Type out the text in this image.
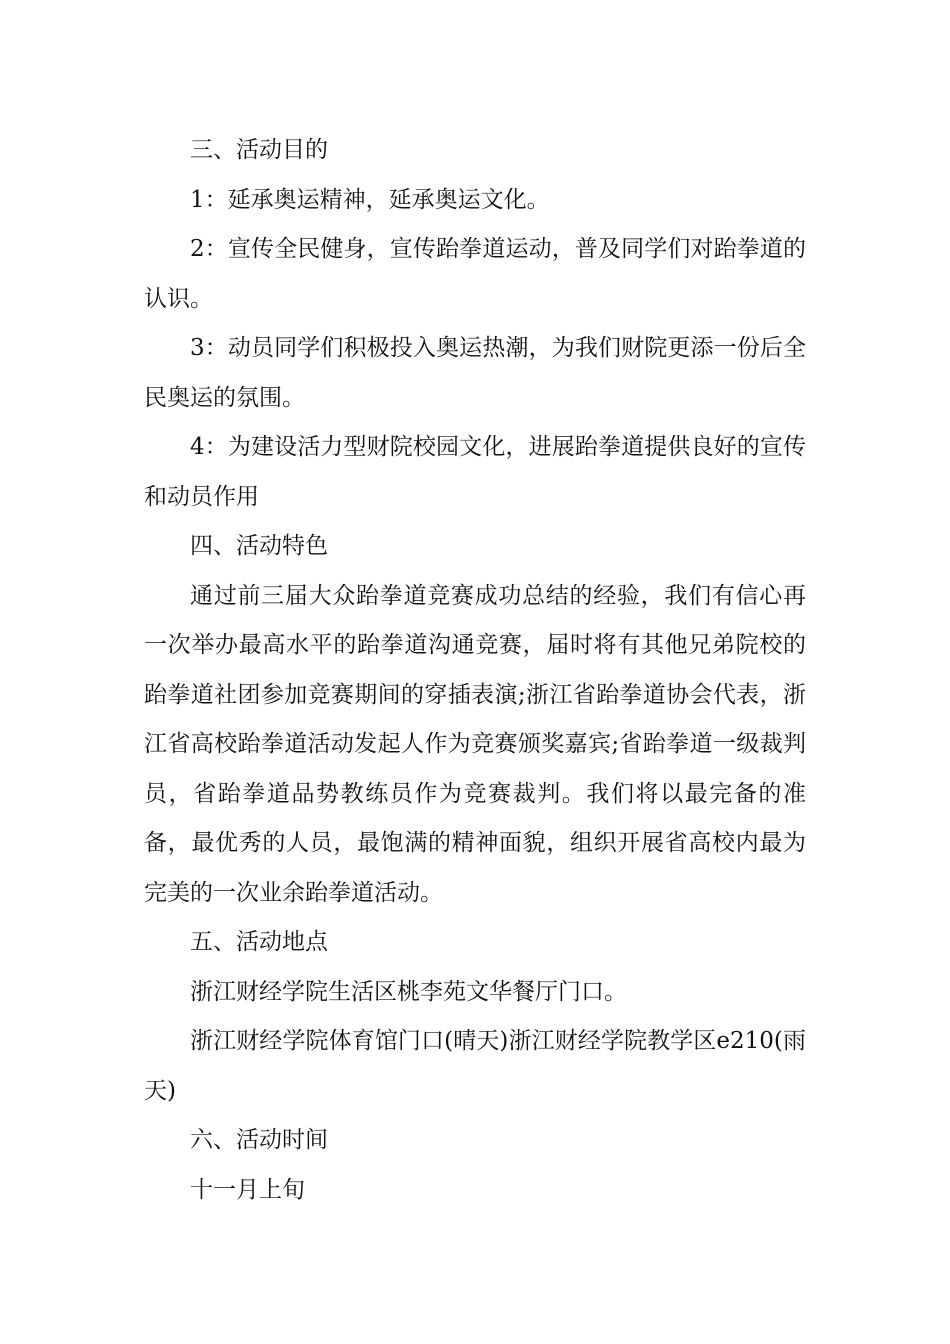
三、活动目的

1：延承奥运精神，延承奥运文化。

2：宣传全民健身，宣传跆拳道运动，普及同学们对跆拳道的认识。

3：动员同学们积极投入奥运热潮，为我们财院更添一份后全民奥运的氛围。

4：为建设活力型财院校园文化，进展跆拳道提供良好的宣传和动员作用

四、活动特色

通过前三届大众跆拳道竞赛成功总结的经验，我们有信心再一次举办最高水平的跆拳道沟通竞赛，届时将有其他兄弟院校的跆拳道社团参加竞赛期间的穿插表演;浙江省跆拳道协会代表，浙江省高校跆拳道活动发起人作为竞赛颁奖嘉宾;省跆拳道一级裁判员，省跆拳道品势教练员作为竞赛裁判。我们将以最完备的准备，最优秀的人员，最饱满的精神面貌，组织开展省高校内最为完美的一次业余跆拳道活动。

五、活动地点

浙江财经学院生活区桃李苑文华餐厅门口。

浙江财经学院体育馆门口(晴天)浙江财经学院教学区e210(雨天)

六、活动时间

十一月上旬
